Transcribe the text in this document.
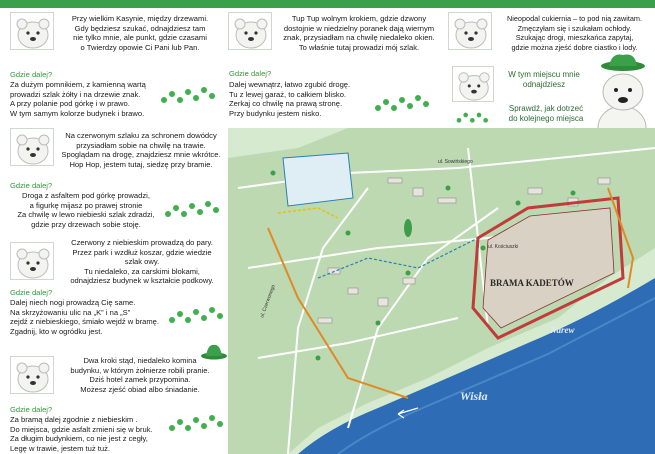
Przy wielkim Kasynie, między drzewami.
Gdy będziesz szukać, odnajdziesz tam
nie tylko mnie, ale punkt, gdzie czasami
o Twierdzy opowie Ci Pani lub Pan.
Gdzie dalej?
Za dużym pomnikiem, z kamienną wartą
prowadzi szlak żółty i na drzewie znak.
A przy polanie pod górkę i w prawo.
W tym samym kolorze budynek i brawo.
Na czerwonym szlaku za schronem dowódcy
przysiadłam sobie na chwilę na trawie.
Spoglądam na drogę, znajdziesz mnie wkrótce.
Hop Hop, jestem tutaj, siedzę przy bramie.
Gdzie dalej?
Droga z asfaltem pod górkę prowadzi,
a figurkę mijasz po prawej stronie
Za chwilę w lewo niebieski szlak zdradzi,
gdzie przy drzewach sobie stoję.
Czerwony z niebieskim prowadzą do pary.
Przez park i wzdłuż koszar, gdzie wiedzie
szlak owy.
Tu niedaleko, za carskimi blokami,
odnajdziesz budynek w kształcie podkowy.
Gdzie dalej?
Dalej niech nogi prowadzą Cię same.
Na skrzyżowaniu ulic na „K” i na „S”
zejdź z niebieskiego, śmiało wejdź w bramę.
Zgadnij, kto w ogródku jest.
Dwa kroki stąd, niedaleko komina
budynku, w którym żołnierze robili pranie.
Dziś hotel zamek przypomina.
Możesz zjeść obiad albo śniadanie.
Gdzie dalej?
Za bramą dalej zgodnie z niebieskim .
Do miejsca, gdzie asfalt zmieni się w bruk.
Za długim budynkiem, co nie jest z cegły,
Legę w trawie, jestem tuż tuż.
Tup Tup wolnym krokiem, gdzie dzwony
dostojnie w niedzielny poranek dają wiernym
znak, przysiadłam na chwilę niedaleko okien.
To właśnie tutaj prowadzi mój szlak.
Gdzie dalej?
Dalej wewnątrz, łatwo zgubić drogę.
Tu z lewej garaż, to całkiem blisko.
Zerkaj co chwilę na prawą stronę.
Przy budynku jestem nisko.
Nieopodal cukiernia – to pod nią zawitam.
Zmęczyłam się i szukałam ochłody.
Szukając drogi, mieszkańca zapytaj,
gdzie można zjeść dobre ciastko i lody.
W tym miejscu mnie
odnajdziesz
Sprawdź, jak dotrzeć
do kolejnego miejsca
BRAMA KADETÓW
ul. Kościuszki
ul. Sowińskiego
ul. Czerwonego
Wisła
Narew
